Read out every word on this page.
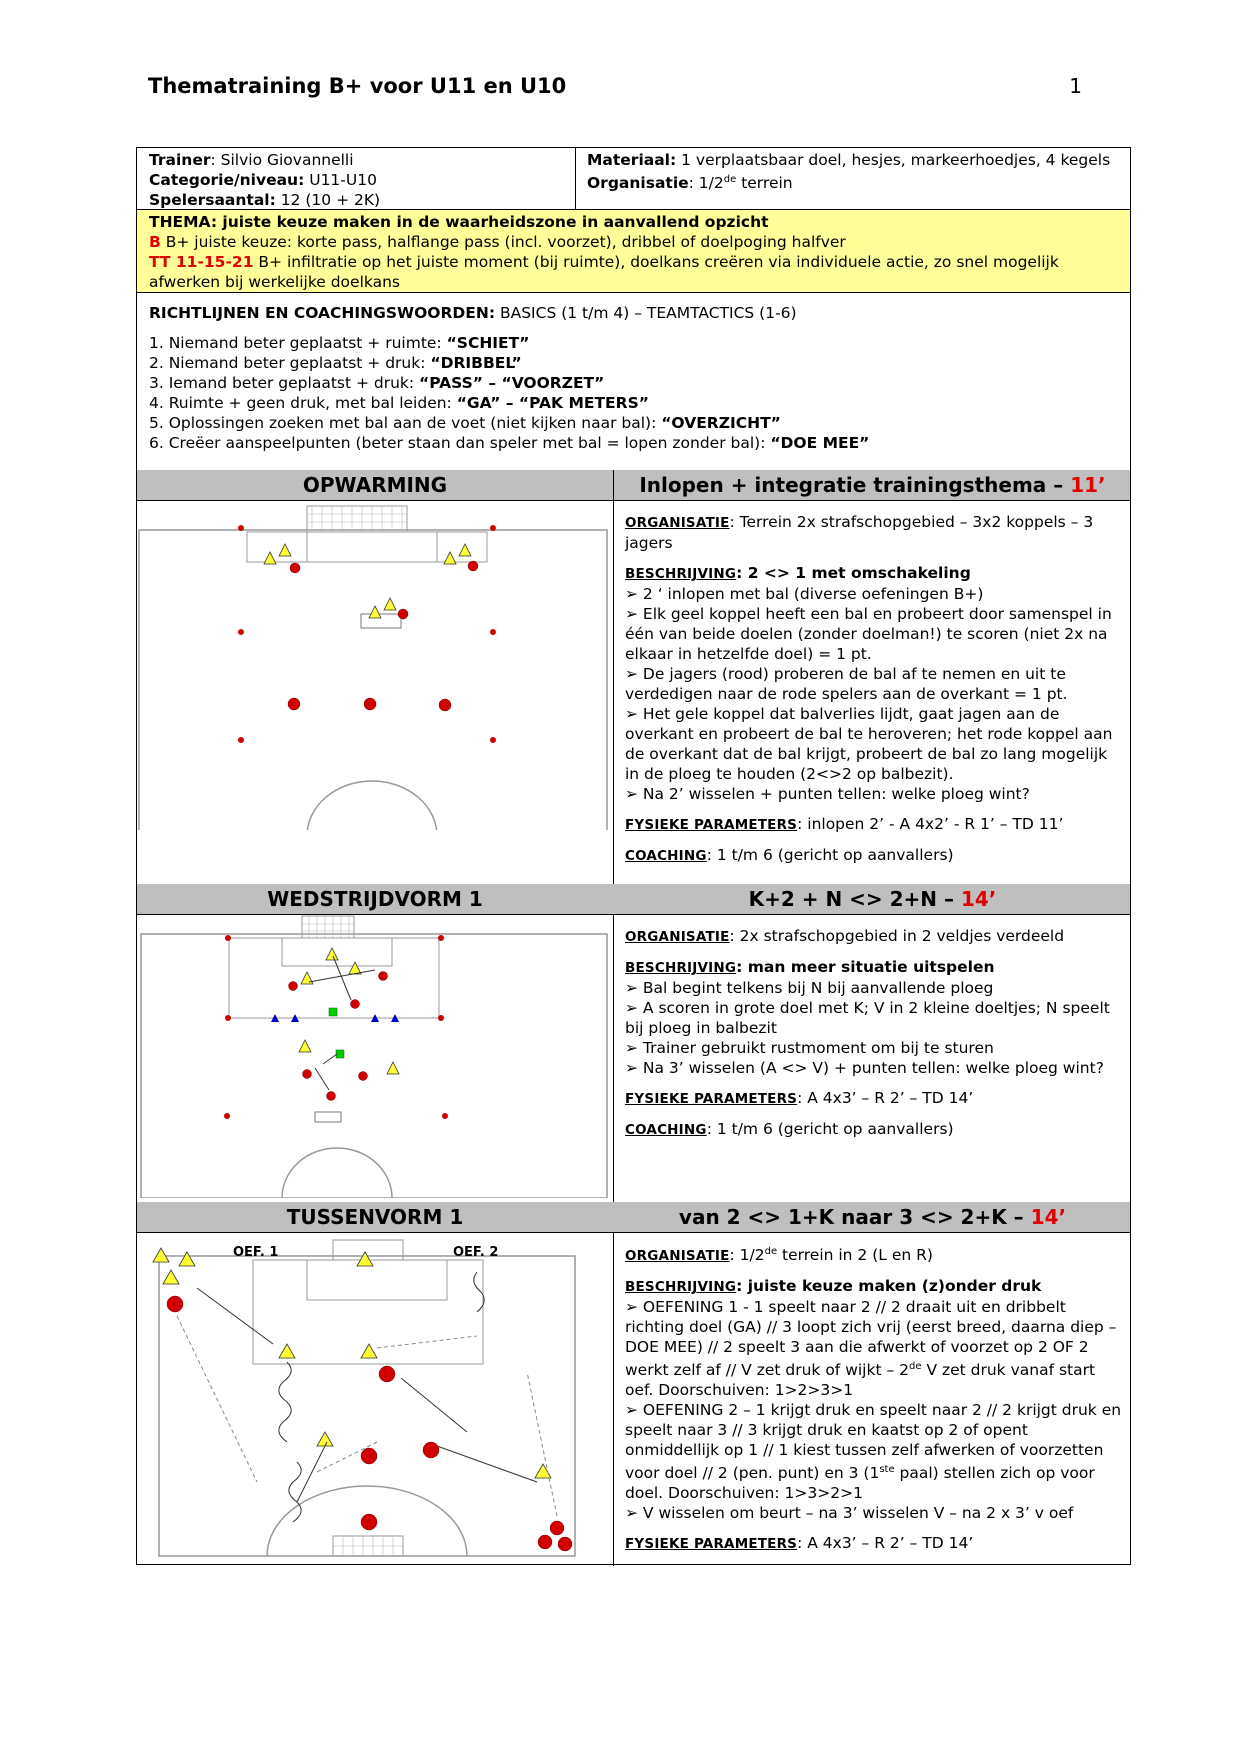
Thematraining B+ voor U11 en U10	1
Trainer: Silvio Giovannelli
Categorie/niveau: U11-U10
Spelersaantal: 12 (10 + 2K)
Materiaal: 1 verplaatsbaar doel, hesjes, markeerhoedjes, 4 kegels
Organisatie: 1/2de terrein

THEMA: juiste keuze maken in de waarheidszone in aanvallend opzicht

B B+ juiste keuze: korte pass, halflange pass (incl. voorzet), dribbel of doelpoging halfver

TT 11-15-21 B+ infiltratie op het juiste moment (bij ruimte), doelkans creëren via individuele actie, zo snel mogelijk afwerken bij werkelijke doelkans

RICHTLIJNEN EN COACHINGSWOORDEN: BASICS (1 t/m 4) – TEAMTACTICS (1-6)

1. Niemand beter geplaatst + ruimte: “SCHIET”

2. Niemand beter geplaatst + druk: “DRIBBEL”

3. Iemand beter geplaatst + druk: “PASS” – “VOORZET”

4. Ruimte + geen druk, met bal leiden: “GA” – “PAK METERS”

5. Oplossingen zoeken met bal aan de voet (niet kijken naar bal): “OVERZICHT”

6. Creëer aanspeelpunten (beter staan dan speler met bal = lopen zonder bal): “DOE MEE”

OPWARMING	Inlopen + integratie trainingsthema – 11’

ORGANISATIE: Terrein 2x strafschopgebied – 3x2 koppels – 3 jagers

BESCHRIJVING: 2 <> 1 met omschakeling

➢ 2 ‘ inlopen met bal (diverse oefeningen B+)

➢ Elk geel koppel heeft een bal en probeert door samenspel in één van beide doelen (zonder doelman!) te scoren (niet 2x na elkaar in hetzelfde doel) = 1 pt.

➢ De jagers (rood) proberen de bal af te nemen en uit te verdedigen naar de rode spelers aan de overkant = 1 pt.

➢ Het gele koppel dat balverlies lijdt, gaat jagen aan de overkant en probeert de bal te heroveren; het rode koppel aan de overkant dat de bal krijgt, probeert de bal zo lang mogelijk in de ploeg te houden (2<>2 op balbezit).

➢ Na 2’ wisselen + punten tellen: welke ploeg wint?

FYSIEKE PARAMETERS: inlopen 2’ - A 4x2’ - R 1’ – TD 11’

COACHING: 1 t/m 6 (gericht op aanvallers)

WEDSTRIJDVORM 1	K+2 + N <> 2+N – 14’

ORGANISATIE: 2x strafschopgebied in 2 veldjes verdeeld

BESCHRIJVING: man meer situatie uitspelen

➢ Bal begint telkens bij N bij aanvallende ploeg

➢ A scoren in grote doel met K; V in 2 kleine doeltjes; N speelt bij ploeg in balbezit

➢ Trainer gebruikt rustmoment om bij te sturen

➢ Na 3’ wisselen (A <> V) + punten tellen: welke ploeg wint?

FYSIEKE PARAMETERS: A 4x3’ – R 2’ – TD 14’

COACHING: 1 t/m 6 (gericht op aanvallers)

TUSSENVORM 1	van 2 <> 1+K naar 3 <> 2+K – 14’
OEF. 1	OEF. 2	ORGANISATIE: 1/2de terrein in 2 (L en R)

BESCHRIJVING: juiste keuze maken (z)onder druk

➢ OEFENING 1 - 1 speelt naar 2 // 2 draait uit en dribbelt richting doel (GA) // 3 loopt zich vrij (eerst breed, daarna diep – DOE MEE) // 2 speelt 3 aan die afwerkt of voorzet op 2 OF 2 werkt zelf af // V zet druk of wijkt – 2de V zet druk vanaf start oef. Doorschuiven: 1>2>3>1

➢ OEFENING 2 – 1 krijgt druk en speelt naar 2 // 2 krijgt druk en speelt naar 3 // 3 krijgt druk en kaatst op 2 of opent onmiddellijk op 1 // 1 kiest tussen zelf afwerken of voorzetten voor doel // 2 (pen. punt) en 3 (1ste paal) stellen zich op voor doel. Doorschuiven: 1>3>2>1

➢ V wisselen om beurt – na 3’ wisselen V – na 2 x 3’ v oef

FYSIEKE PARAMETERS: A 4x3’ – R 2’ – TD 14’
